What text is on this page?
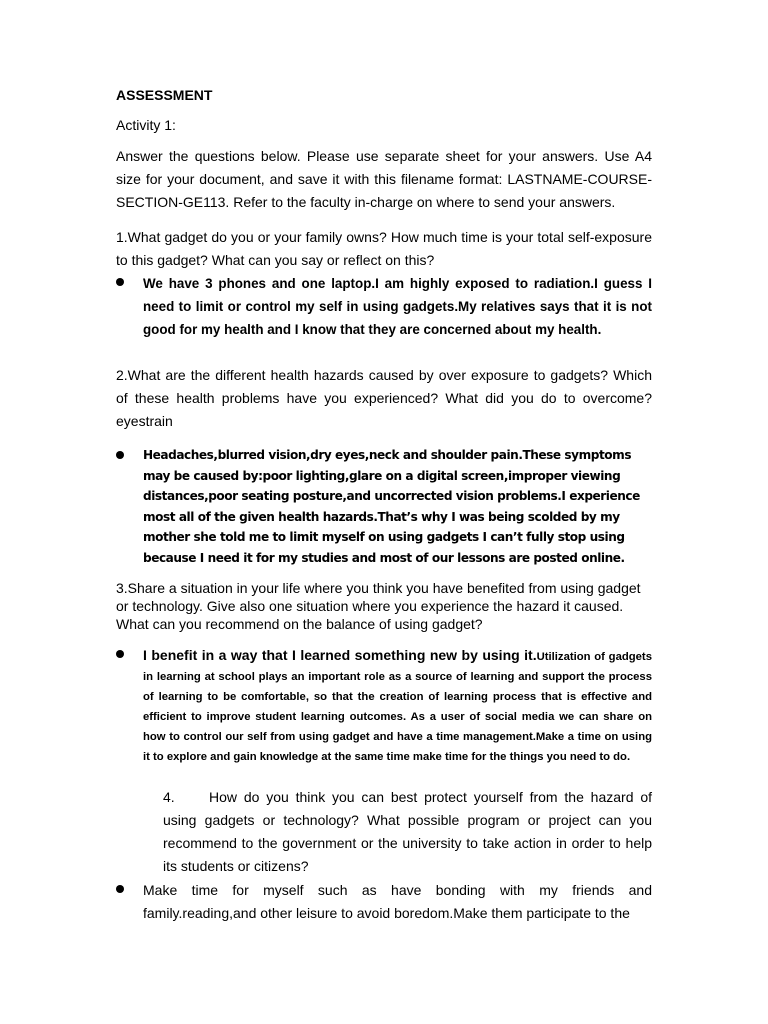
ASSESSMENT
Activity 1:
Answer the questions below. Please use separate sheet for your answers. Use A4 size for your document, and save it with this filename format: LASTNAME-COURSE-SECTION-GE113. Refer to the faculty in-charge on where to send your answers.
1.What gadget do you or your family owns? How much time is your total self-exposure to this gadget? What can you say or reflect on this?
We have 3 phones and one laptop.I am highly exposed to radiation.I guess I need to limit or control my self in using gadgets.My relatives says that it is not good for my health and I know that they are concerned about my health.
2.What are the different health hazards caused by over exposure to gadgets? Which of these health problems have you experienced? What did you do to overcome?eyestrain
Headaches,blurred vision,dry eyes,neck and shoulder pain.These symptoms may be caused by:poor lighting,glare on a digital screen,improper viewing distances,poor seating posture,and uncorrected vision problems.I experience most all of the given health hazards.That’s why I was being scolded by my mother she told me to limit myself on using gadgets I can’t fully stop using because I need it for my studies and most of our lessons are posted online.
3.Share a situation in your life where you think you have benefited from using gadget or technology. Give also one situation where you experience the hazard it caused. What can you recommend on the balance of using gadget?
I benefit in a way that I learned something new by using it.Utilization of gadgets in learning at school plays an important role as a source of learning and support the process of learning to be comfortable, so that the creation of learning process that is effective and efficient to improve student learning outcomes. As a user of social media we can share on how to control our self from using gadget and have a time management.Make a time on using it to explore and gain knowledge at the same time make time for the things you need to do.
4. How do you think you can best protect yourself from the hazard of using gadgets or technology? What possible program or project can you recommend to the government or the university to take action in order to help its students or citizens?
Make time for myself such as have bonding with my friends and family.reading,and other leisure to avoid boredom.Make them participate to the
